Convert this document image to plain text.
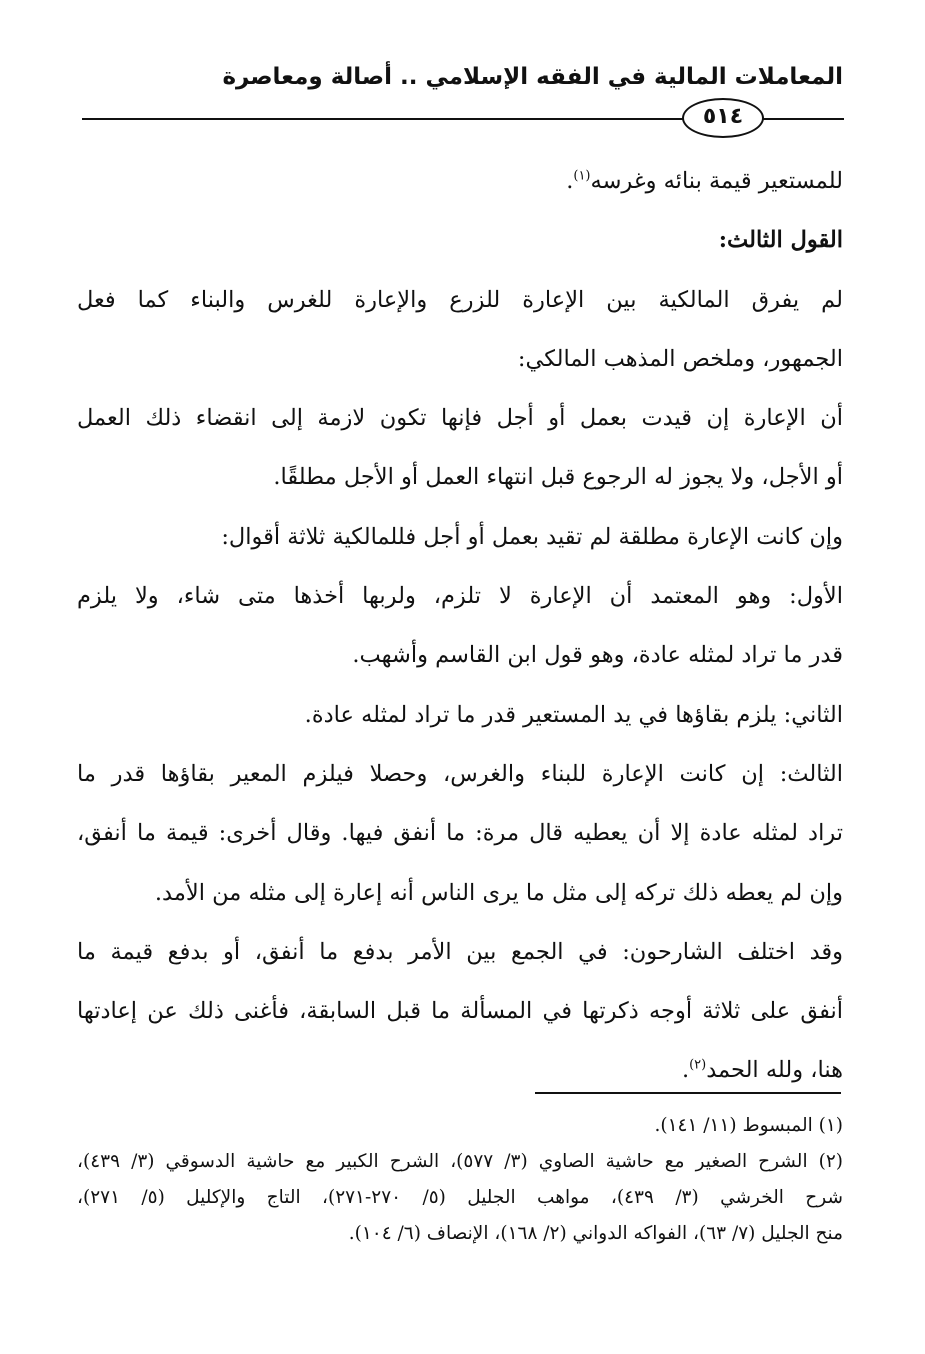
المعاملات المالية في الفقه الإسلامي .. أصالة ومعاصرة
٥١٤
للمستعير قيمة بنائه وغرسه$^{(١)}$.
القول الثالث:
لم يفرق المالكية بين الإعارة للزرع والإعارة للغرس والبناء كما فعل
الجمهور، وملخص المذهب المالكي:
أن الإعارة إن قيدت بعمل أو أجل فإنها تكون لازمة إلى انقضاء ذلك العمل
أو الأجل، ولا يجوز له الرجوع قبل انتهاء العمل أو الأجل مطلقًا.
وإن كانت الإعارة مطلقة لم تقيد بعمل أو أجل فللمالكية ثلاثة أقوال:
الأول: وهو المعتمد أن الإعارة لا تلزم، ولربها أخذها متى شاء، ولا يلزم
قدر ما تراد لمثله عادة، وهو قول ابن القاسم وأشهب.
الثاني: يلزم بقاؤها في يد المستعير قدر ما تراد لمثله عادة.
الثالث: إن كانت الإعارة للبناء والغرس، وحصلا فيلزم المعير بقاؤها قدر ما
تراد لمثله عادة إلا أن يعطيه قال مرة: ما أنفق فيها. وقال أخرى: قيمة ما أنفق،
وإن لم يعطه ذلك تركه إلى مثل ما يرى الناس أنه إعارة إلى مثله من الأمد.
وقد اختلف الشارحون: في الجمع بين الأمر بدفع ما أنفق، أو بدفع قيمة ما
أنفق على ثلاثة أوجه ذكرتها في المسألة ما قبل السابقة، فأغنى ذلك عن إعادتها
هنا، ولله الحمد$^{(٢)}$.
(١) المبسوط (١١/ ١٤١).
(٢) الشرح الصغير مع حاشية الصاوي (٣/ ٥٧٧)، الشرح الكبير مع حاشية الدسوقي (٣/ ٤٣٩)،
شرح الخرشي (٣/ ٤٣٩)، مواهب الجليل (٥/ ٢٧٠-٢٧١)، التاج والإكليل (٥/ ٢٧١)،
منح الجليل (٧/ ٦٣)، الفواكه الدواني (٢/ ١٦٨)، الإنصاف (٦/ ١٠٤).
